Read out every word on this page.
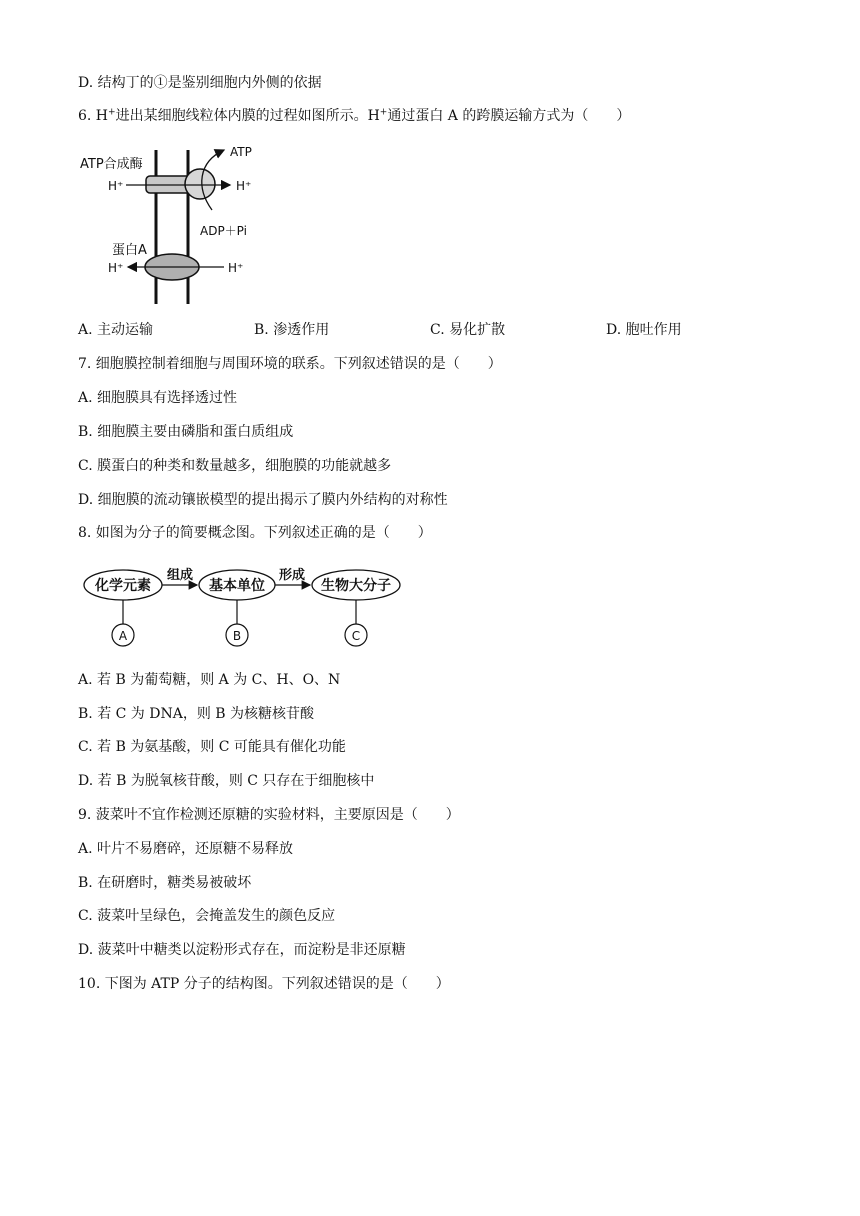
D. 结构丁的①是鉴别细胞内外侧的依据
6. H+进出某细胞线粒体内膜的过程如图所示。H+通过蛋白 A 的跨膜运输方式为（　　）
ATP合成酶
H⁺	H⁺
ATP
ADP＋Pi
蛋白A
H⁺	H⁺
A. 主动运输	B. 渗透作用	C. 易化扩散	D. 胞吐作用
7. 细胞膜控制着细胞与周围环境的联系。下列叙述错误的是（　　）
A. 细胞膜具有选择透过性
B. 细胞膜主要由磷脂和蛋白质组成
C. 膜蛋白的种类和数量越多，细胞膜的功能就越多
D. 细胞膜的流动镶嵌模型的提出揭示了膜内外结构的对称性
8. 如图为分子的简要概念图。下列叙述正确的是（　　）
化学元素	基本单位	生物大分子
组成	形成
A	B	C
A. 若 B 为葡萄糖，则 A 为 C、H、O、N
B. 若 C 为 DNA，则 B 为核糖核苷酸
C. 若 B 为氨基酸，则 C 可能具有催化功能
D. 若 B 为脱氧核苷酸，则 C 只存在于细胞核中
9. 菠菜叶不宜作检测还原糖的实验材料，主要原因是（　　）
A. 叶片不易磨碎，还原糖不易释放
B. 在研磨时，糖类易被破坏
C. 菠菜叶呈绿色，会掩盖发生的颜色反应
D. 菠菜叶中糖类以淀粉形式存在，而淀粉是非还原糖
10. 下图为 ATP 分子的结构图。下列叙述错误的是（　　）
